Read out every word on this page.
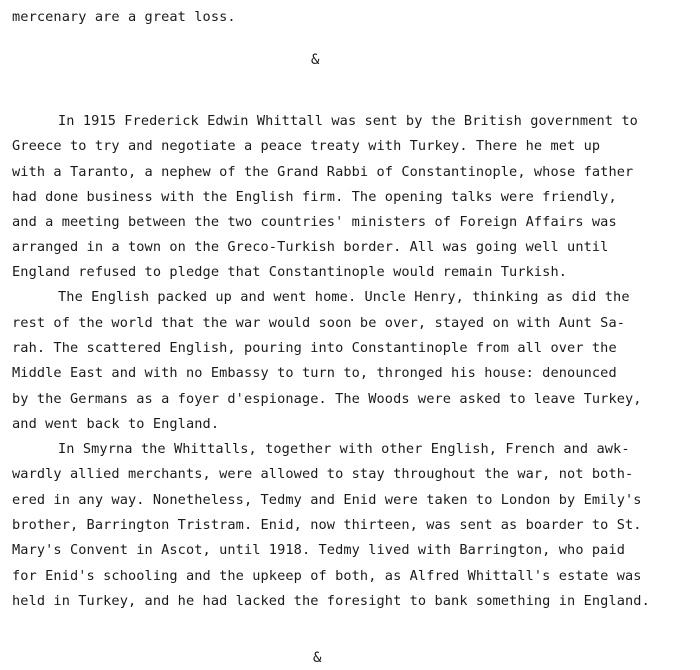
mercenary are a great loss.
&
In 1915 Frederick Edwin Whittall was sent by the British government to
Greece to try and negotiate a peace treaty with Turkey. There he met up
with a Taranto, a nephew of the Grand Rabbi of Constantinople, whose father
had done business with the English firm. The opening talks were friendly,
and a meeting between the two countries' ministers of Foreign Affairs was
arranged in a town on the Greco-Turkish border. All was going well until
England refused to pledge that Constantinople would remain Turkish.
The English packed up and went home. Uncle Henry, thinking as did the
rest of the world that the war would soon be over, stayed on with Aunt Sa-
rah. The scattered English, pouring into Constantinople from all over the
Middle East and with no Embassy to turn to, thronged his house: denounced
by the Germans as a foyer d'espionage. The Woods were asked to leave Turkey,
and went back to England.
In Smyrna the Whittalls, together with other English, French and awk-
wardly allied merchants, were allowed to stay throughout the war, not both-
ered in any way. Nonetheless, Tedmy and Enid were taken to London by Emily's
brother, Barrington Tristram. Enid, now thirteen, was sent as boarder to St.
Mary's Convent in Ascot, until 1918. Tedmy lived with Barrington, who paid
for Enid's schooling and the upkeep of both, as Alfred Whittall's estate was
held in Turkey, and he had lacked the foresight to bank something in England.
&
